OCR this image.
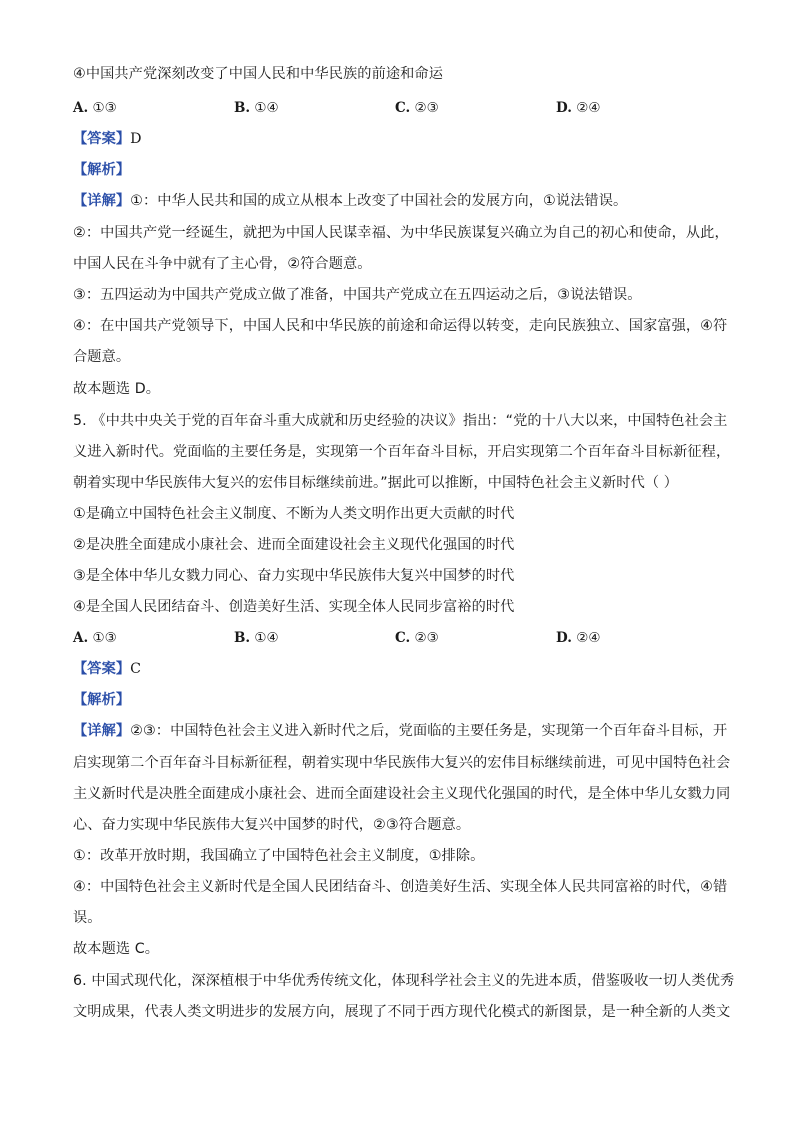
④中国共产党深刻改变了中国人民和中华民族的前途和命运

A. ①③	B. ①④	C. ②③	D. ②④

【答案】D

【解析】

【详解】①：中华人民共和国的成立从根本上改变了中国社会的发展方向，①说法错误。

②：中国共产党一经诞生，就把为中国人民谋幸福、为中华民族谋复兴确立为自己的初心和使命，从此，

中国人民在斗争中就有了主心骨，②符合题意。

③：五四运动为中国共产党成立做了准备，中国共产党成立在五四运动之后，③说法错误。

④：在中国共产党领导下，中国人民和中华民族的前途和命运得以转变，走向民族独立、国家富强，④符

合题意。

故本题选 D。

5. 《中共中央关于党的百年奋斗重大成就和历史经验的决议》指出：“党的十八大以来，中国特色社会主

义进入新时代。党面临的主要任务是，实现第一个百年奋斗目标，开启实现第二个百年奋斗目标新征程，

朝着实现中华民族伟大复兴的宏伟目标继续前进。”据此可以推断，中国特色社会主义新时代（ ）

①是确立中国特色社会主义制度、不断为人类文明作出更大贡献的时代

②是决胜全面建成小康社会、进而全面建设社会主义现代化强国的时代

③是全体中华儿女戮力同心、奋力实现中华民族伟大复兴中国梦的时代

④是全国人民团结奋斗、创造美好生活、实现全体人民同步富裕的时代

A. ①③	B. ①④	C. ②③	D. ②④

【答案】C

【解析】

【详解】②③：中国特色社会主义进入新时代之后，党面临的主要任务是，实现第一个百年奋斗目标，开

启实现第二个百年奋斗目标新征程，朝着实现中华民族伟大复兴的宏伟目标继续前进，可见中国特色社会

主义新时代是决胜全面建成小康社会、进而全面建设社会主义现代化强国的时代，是全体中华儿女戮力同

心、奋力实现中华民族伟大复兴中国梦的时代，②③符合题意。

①：改革开放时期，我国确立了中国特色社会主义制度，①排除。

④：中国特色社会主义新时代是全国人民团结奋斗、创造美好生活、实现全体人民共同富裕的时代，④错

误。

故本题选 C。

6. 中国式现代化，深深植根于中华优秀传统文化，体现科学社会主义的先进本质，借鉴吸收一切人类优秀

文明成果，代表人类文明进步的发展方向，展现了不同于西方现代化模式的新图景，是一种全新的人类文
